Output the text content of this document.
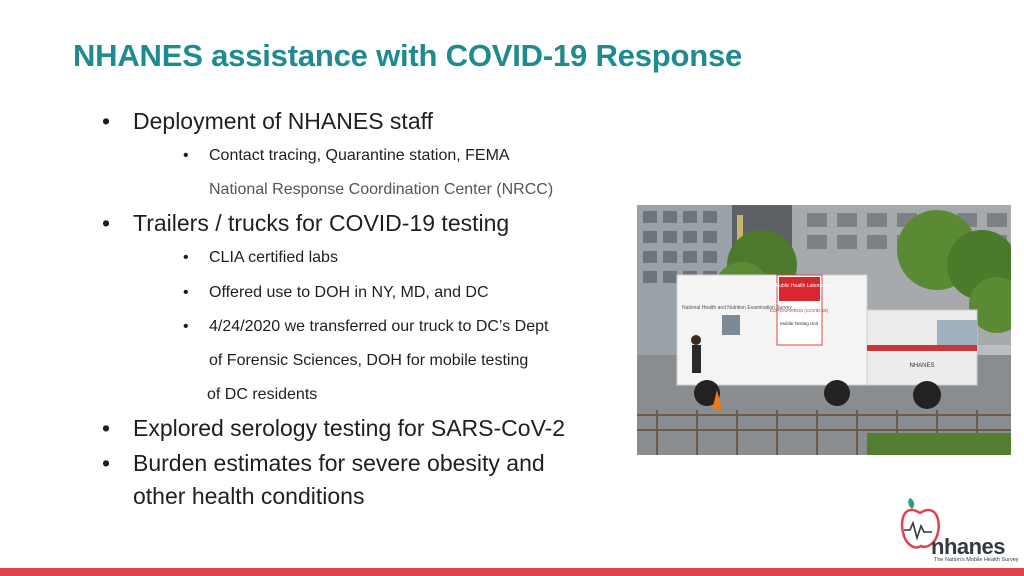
NHANES assistance with COVID-19 Response
• Deployment of NHANES staff
• Contact tracing, Quarantine station, FEMA
National Response Coordination Center (NRCC)
• Trailers / trucks for COVID-19 testing
• CLIA certified labs
• Offered use to DOH in NY, MD, and DC
• 4/24/2020 we transferred our truck to DC’s Dept
of Forensic Sciences, DOH for mobile testing
of DC residents
• Explored serology testing for SARS-CoV-2
• Burden estimates for severe obesity and
other health conditions
DC Public Health Laboratory
CORONAVIRUS (COVID-19)
Mobile Testing Unit
National Health and Nutrition Examination Survey
NHANES
nhanes
The Nation's Mobile Health Survey
